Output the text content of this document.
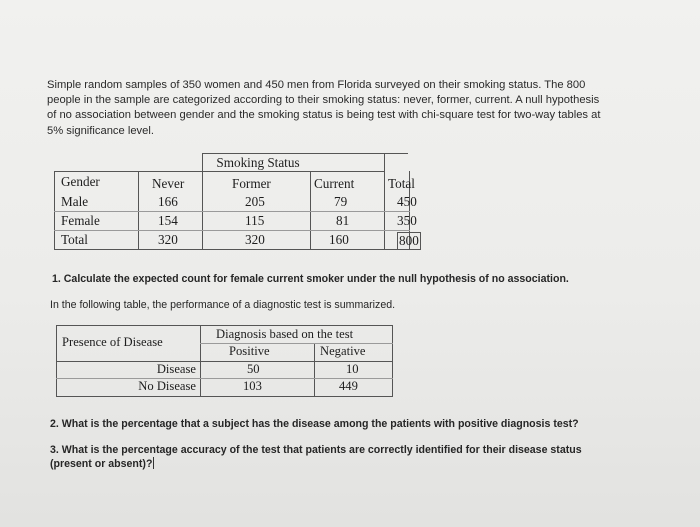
Simple random samples of 350 women and 450 men from Florida surveyed on their smoking status. The 800

people in the sample are categorized according to their smoking status: never, former, current. A null hypothesis

of no association between gender and the smoking status is being test with chi-square test for two-way tables at

5% significance level.

Smoking Status
Gender	Never	Former	Current	Total
Male	166	205	79	450
Female	154	115	81	350
Total	320	320	160	800
1. Calculate the expected count for female current smoker under the null hypothesis of no association.
In the following table, the performance of a diagnostic test is summarized.
Presence of Disease
Diagnosis based on the test
Positive	Negative
Disease	50	10
No Disease	103	449
2. What is the percentage that a subject has the disease among the patients with positive diagnosis test?
3. What is the percentage accuracy of the test that patients are correctly identified for their disease status
(present or absent)?
